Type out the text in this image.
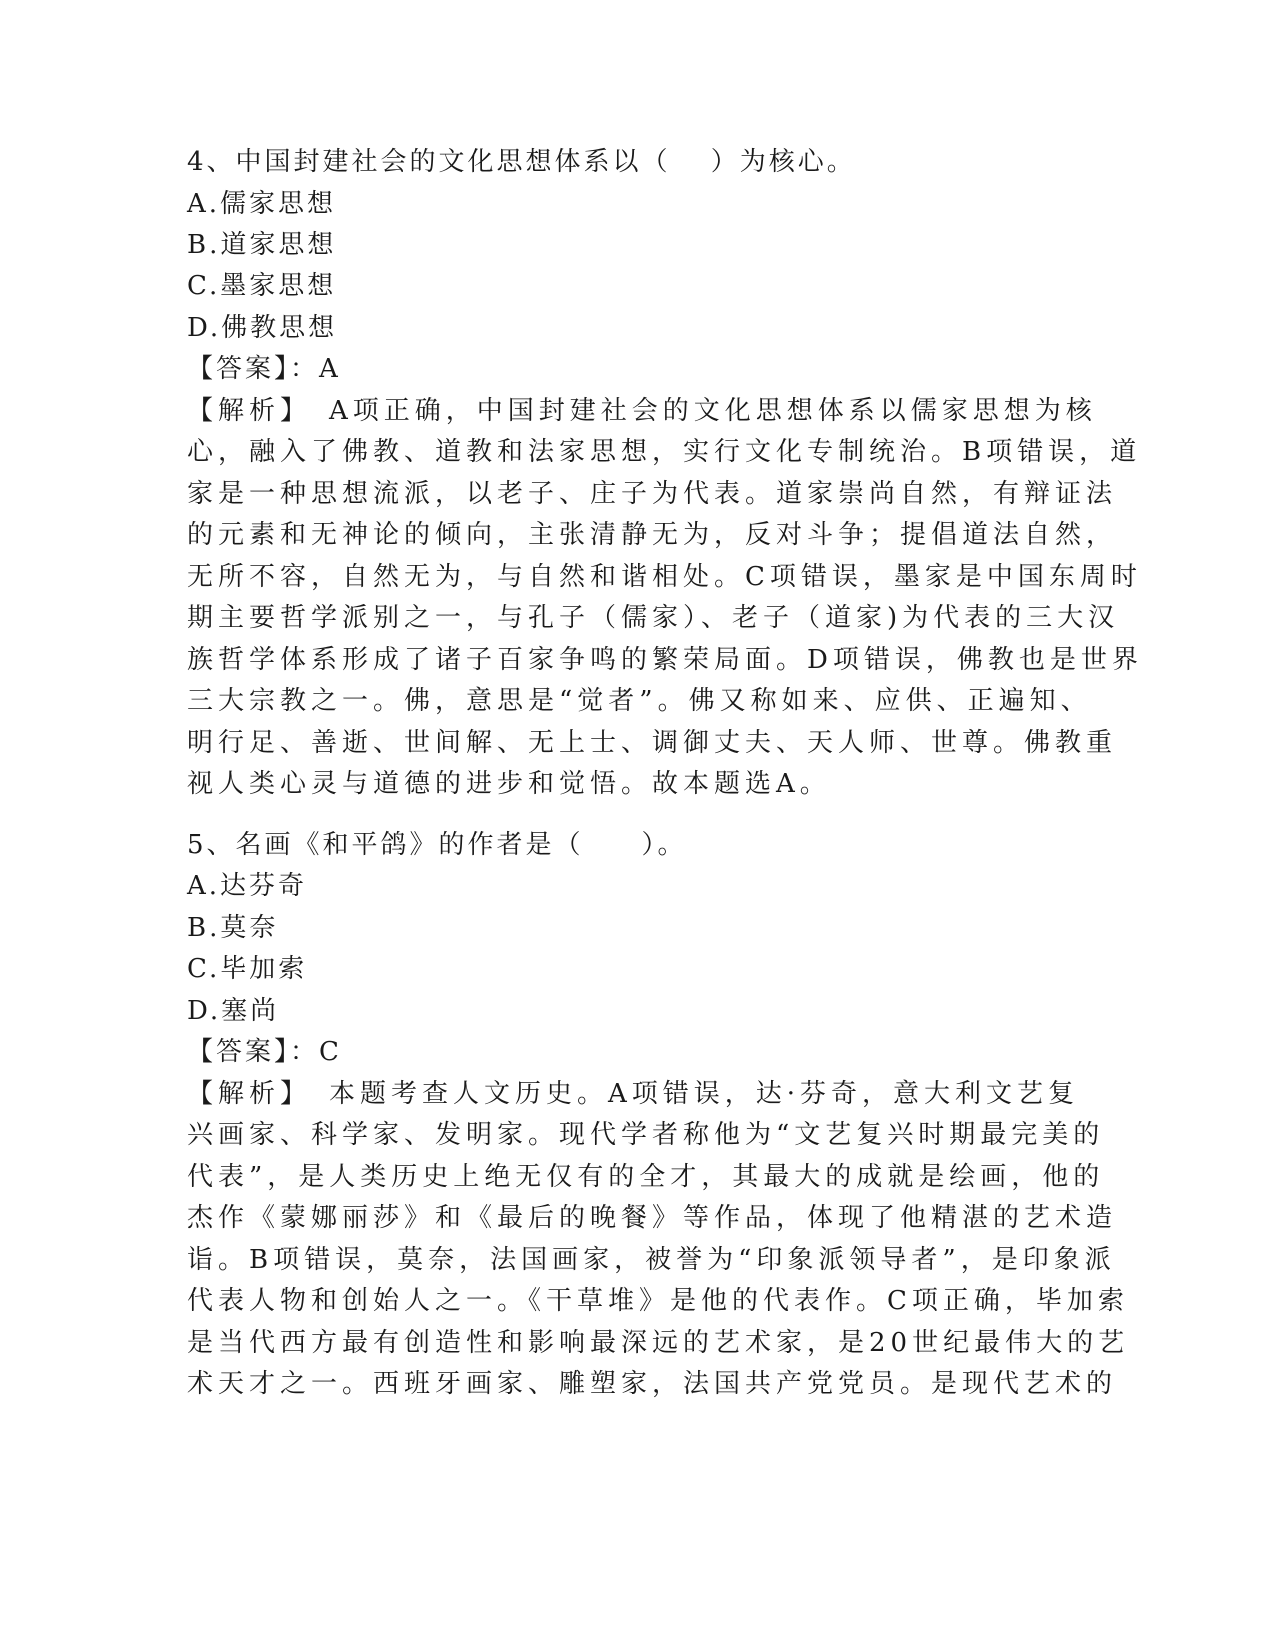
4、中国封建社会的文化思想体系以（　 ）为核心。
A.儒家思想
B.道家思想
C.墨家思想
D.佛教思想
【答案】：A
【解析】　A项正确，中国封建社会的文化思想体系以儒家思想为核
心，融入了佛教、道教和法家思想，实行文化专制统治。B项错误，道
家是一种思想流派，以老子、庄子为代表。道家崇尚自然，有辩证法
的元素和无神论的倾向，主张清静无为，反对斗争；提倡道法自然，
无所不容，自然无为，与自然和谐相处。C项错误，墨家是中国东周时
期主要哲学派别之一，与孔子（儒家）、老子（道家)为代表的三大汉
族哲学体系形成了诸子百家争鸣的繁荣局面。D项错误，佛教也是世界
三大宗教之一。佛，意思是“觉者”。佛又称如来、应供、正遍知、
明行足、善逝、世间解、无上士、调御丈夫、天人师、世尊。佛教重
视人类心灵与道德的进步和觉悟。故本题选A。
5、名画《和平鸽》的作者是（　　）。
A.达芬奇
B.莫奈
C.毕加索
D.塞尚
【答案】：C
【解析】　本题考查人文历史。A项错误，达·芬奇，意大利文艺复
兴画家、科学家、发明家。现代学者称他为“文艺复兴时期最完美的
代表”，是人类历史上绝无仅有的全才，其最大的成就是绘画，他的
杰作《蒙娜丽莎》和《最后的晚餐》等作品，体现了他精湛的艺术造
诣。B项错误，莫奈，法国画家，被誉为“印象派领导者”，是印象派
代表人物和创始人之一。《干草堆》是他的代表作。C项正确，毕加索
是当代西方最有创造性和影响最深远的艺术家，是20世纪最伟大的艺
术天才之一。西班牙画家、雕塑家，法国共产党党员。是现代艺术的
